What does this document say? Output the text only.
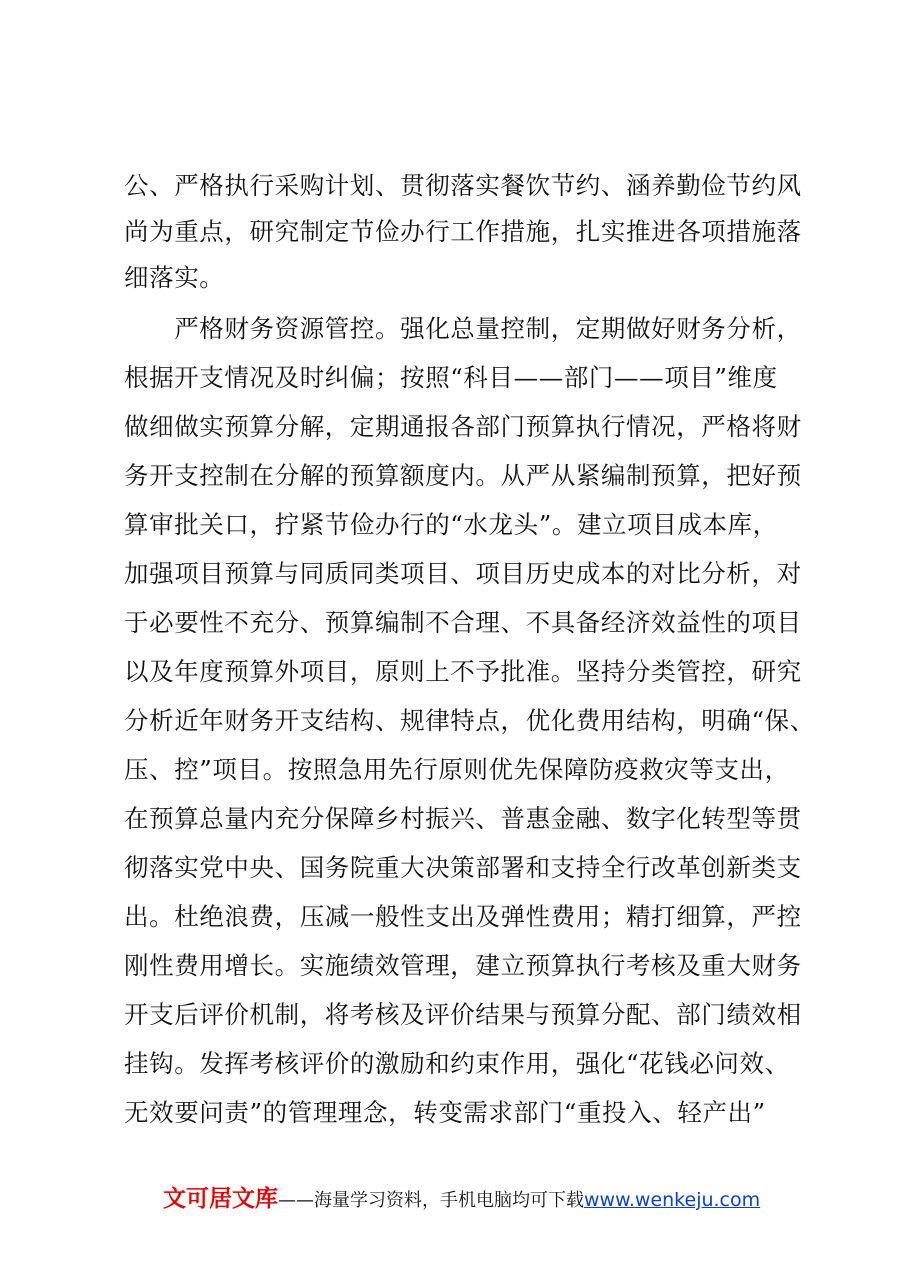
公、严格执行采购计划、贯彻落实餐饮节约、涵养勤俭节约风
尚为重点，研究制定节俭办行工作措施，扎实推进各项措施落
细落实。
　　严格财务资源管控。强化总量控制，定期做好财务分析，
根据开支情况及时纠偏；按照“科目——部门——项目”维度
做细做实预算分解，定期通报各部门预算执行情况，严格将财
务开支控制在分解的预算额度内。从严从紧编制预算，把好预
算审批关口，拧紧节俭办行的“水龙头”。建立项目成本库，
加强项目预算与同质同类项目、项目历史成本的对比分析，对
于必要性不充分、预算编制不合理、不具备经济效益性的项目
以及年度预算外项目，原则上不予批准。坚持分类管控，研究
分析近年财务开支结构、规律特点，优化费用结构，明确“保、
压、控”项目。按照急用先行原则优先保障防疫救灾等支出，
在预算总量内充分保障乡村振兴、普惠金融、数字化转型等贯
彻落实党中央、国务院重大决策部署和支持全行改革创新类支
出。杜绝浪费，压减一般性支出及弹性费用；精打细算，严控
刚性费用增长。实施绩效管理，建立预算执行考核及重大财务
开支后评价机制，将考核及评价结果与预算分配、部门绩效相
挂钩。发挥考核评价的激励和约束作用，强化“花钱必问效、
无效要问责”的管理理念，转变需求部门“重投入、轻产出”
文可居文库——海量学习资料，手机电脑均可下载www.wenkeju.com
